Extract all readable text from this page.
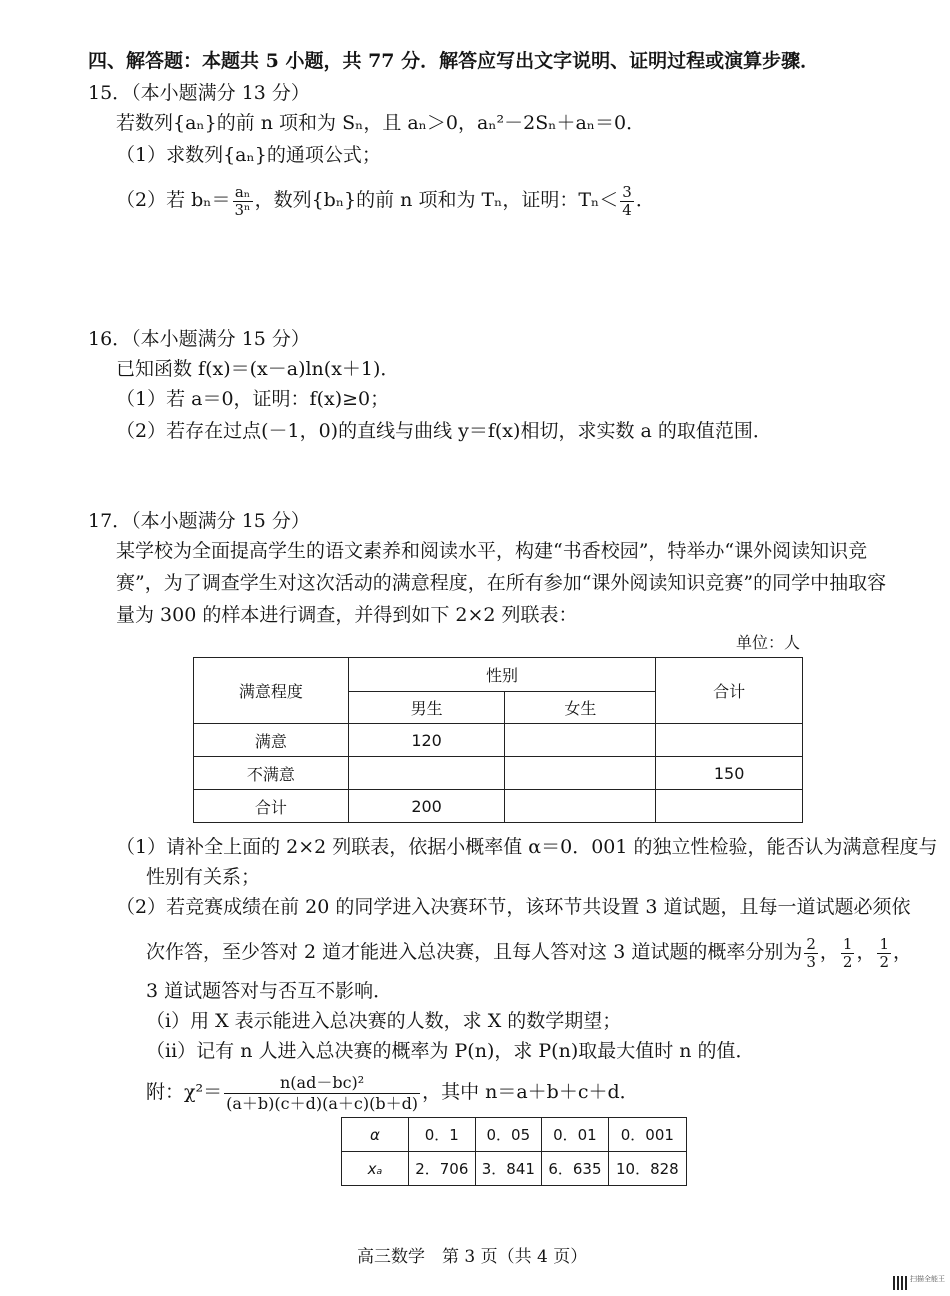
四、解答题：本题共 5 小题，共 77 分．解答应写出文字说明、证明过程或演算步骤．
15．（本小题满分 13 分）
若数列{aₙ}的前 n 项和为 Sₙ，且 aₙ＞0，aₙ²－2Sₙ＋aₙ＝0．
（1）求数列{aₙ}的通项公式；
（2）若 $b_n= \frac{\text{aₙ}}{\text{3ⁿ}}$ ，数列{bₙ}的前 n 项和为 Tₙ，证明：$T_n< \frac{3}{4}$ ．
16．（本小题满分 15 分）
已知函数 f(x)＝(x－a)ln(x＋1)．
（1）若 a＝0，证明：f(x)≥0；
（2）若存在过点(－1，0)的直线与曲线 y＝f(x)相切，求实数 a 的取值范围．
17．（本小题满分 15 分）
某学校为全面提高学生的语文素养和阅读水平，构建“书香校园”，特举办“课外阅读知识竞
赛”，为了调查学生对这次活动的满意程度，在所有参加“课外阅读知识竞赛”的同学中抽取容
量为 300 的样本进行调查，并得到如下 2×2 列联表：
单位：人
满意程度	性别		合计
	男生	女生	
满意	120		
不满意			150
合计	200		
（1）请补全上面的 2×2 列联表，依据小概率值 α＝0．001 的独立性检验，能否认为满意程度与
性别有关系；
（2）若竞赛成绩在前 20 的同学进入决赛环节，该环节共设置 3 道试题，且每一道试题必须依
次作答，至少答对 2 道才能进入总决赛，且每人答对这 3 道试题的概率分别为 $\frac{2}{3}$ ， $\frac{1}{2}$ ， $\frac{1}{2}$ ，
3 道试题答对与否互不影响．
（i）用 X 表示能进入总决赛的人数，求 X 的数学期望；
（ii）记有 n 人进入总决赛的概率为 P(n)，求 P(n)取最大值时 n 的值．
附：$\chi^2= \frac{\text{n(ad－bc)²}}{(a+b)(c+d)(a+c)(b+d)}$ ，其中 n＝a＋b＋c＋d．
α	0．1	0．05	0．01	0．001
xₐ	2．706	3．841	6．635	10．828
高三数学　第 3 页（共 4 页）
扫描全能王
